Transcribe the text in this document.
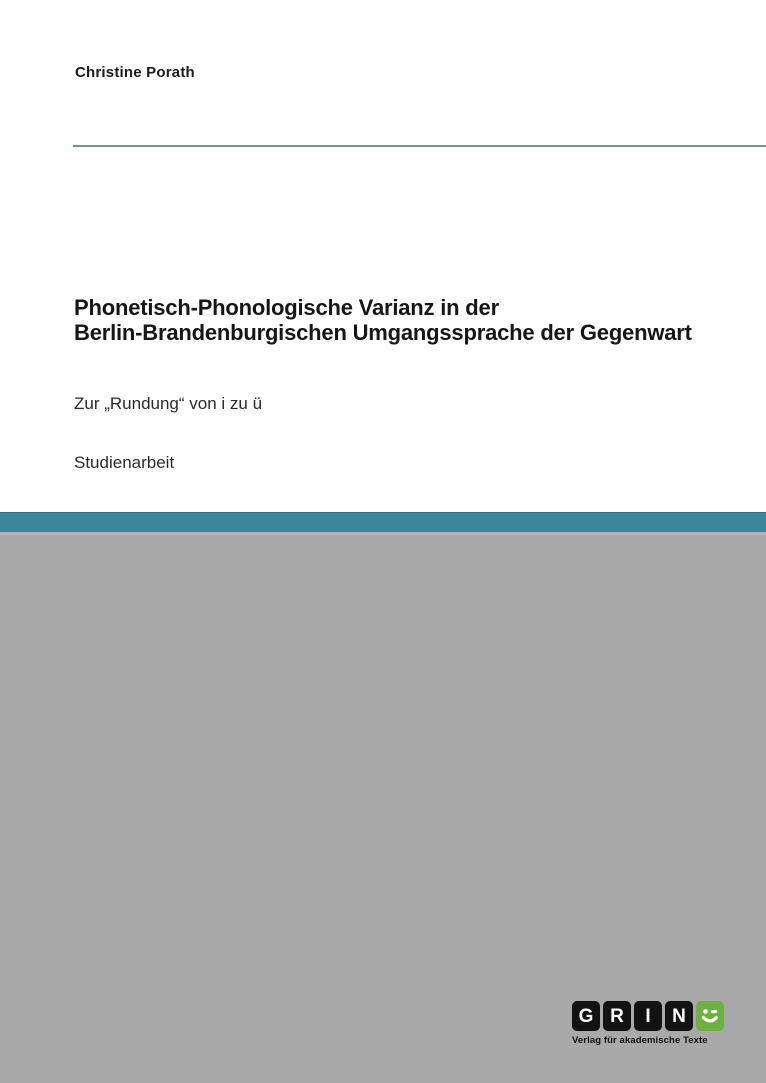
Christine Porath
Phonetisch-Phonologische Varianz in der
Berlin-Brandenburgischen Umgangssprache der Gegenwart
Zur „Rundung“ von i zu ü
Studienarbeit
G R	I	N
Verlag für akademische Texte
